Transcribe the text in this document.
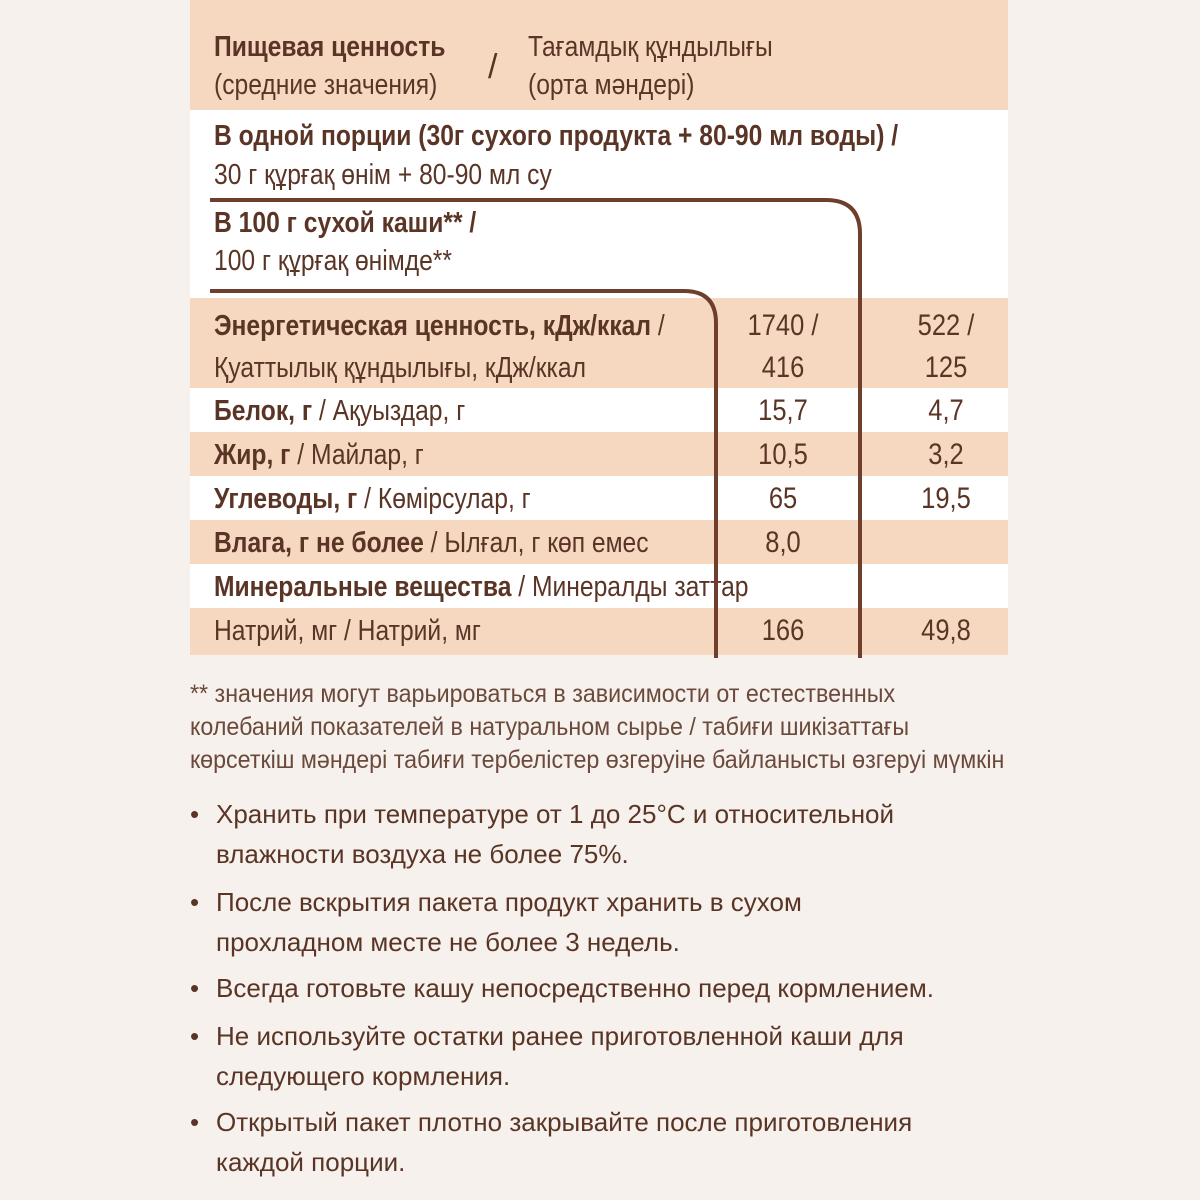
Пищевая ценность
(средние значения) /
Тағамдық құндылығы
(орта мәндері)
В одной порции (30г сухого продукта + 80-90 мл воды) /
30 г құрғақ өнім + 80-90 мл су
В 100 г сухой каши** /
100 г құрғақ өнімде**
Энергетическая ценность, кДж/ккал /	1740 /	522 /
Қуаттылық құндылығы, кДж/ккал	416	125
Белок, г / Ақуыздар, г	15,7	4,7
Жир, г / Майлар, г	10,5	3,2
Углеводы, г / Көмірсулар, г	65	19,5
Влага, г не более / Ылғал, г көп емес	8,0
Минеральные вещества / Минералды заттар
Натрий, мг / Натрий, мг	166	49,8
** значения могут варьироваться в зависимости от естественных
колебаний показателей в натуральном сырье / табиғи шикізаттағы
көрсеткіш мәндері табиғи тербелістер өзгеруіне байланысты өзгеруі мүмкін
• Хранить при температуре от 1 до 25°С и относительной
влажности воздуха не более 75%.
• После вскрытия пакета продукт хранить в сухом
прохладном месте не более 3 недель.
• Всегда готовьте кашу непосредственно перед кормлением.
• Не используйте остатки ранее приготовленной каши для
следующего кормления.
• Открытый пакет плотно закрывайте после приготовления
каждой порции.
